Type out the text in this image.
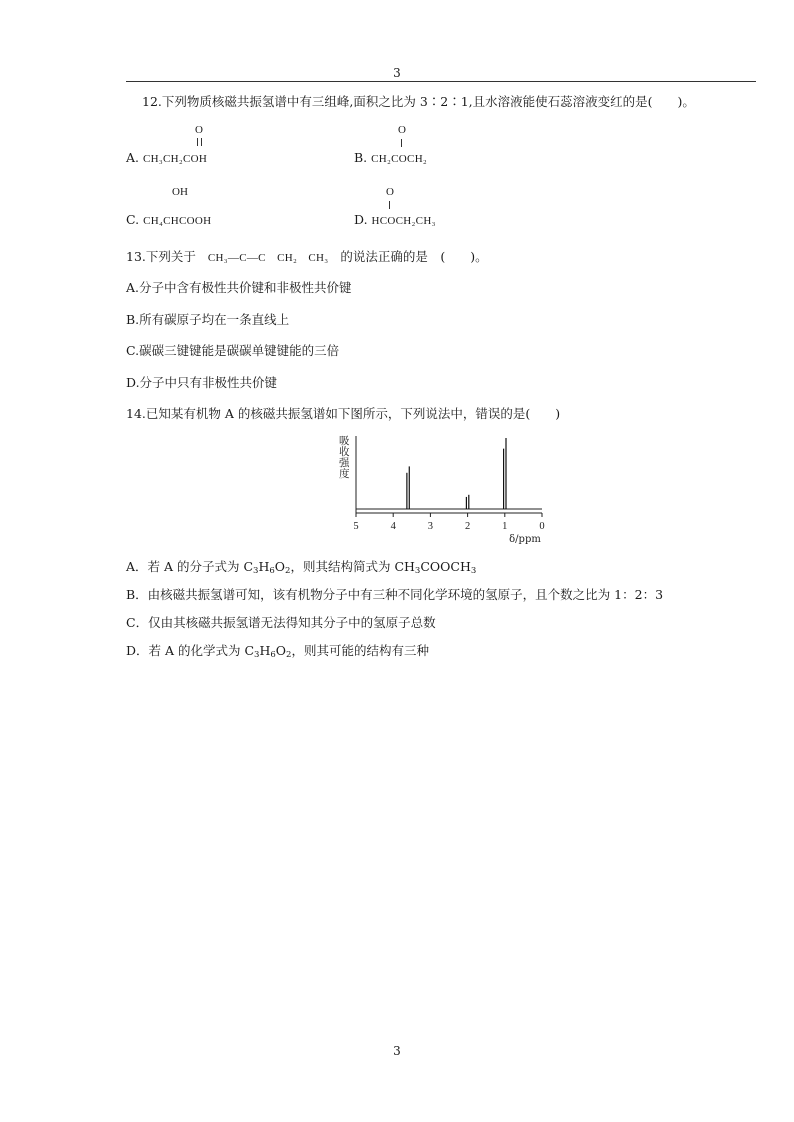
3
12.下列物质核磁共振氢谱中有三组峰,面积之比为 3∶2∶1,且水溶液能使石蕊溶液变红的是(　　)。
O
A. CH₃CH₂COH
O
B. CH₂COCH₂
OH
C. CH₄CHCOOH
O
D. HCOCH₂CH₃
13.下列关于 CH₃—C—C　CH₂　CH₃ 的说法正确的是　(　　)。
A.分子中含有极性共价键和非极性共价键
B.所有碳原子均在一条直线上
C.碳碳三键键能是碳碳单键键能的三倍
D.分子中只有非极性共价键
14.已知某有机物 A 的核磁共振氢谱如下图所示，下列说法中，错误的是(　　)
吸收强度
5	4	3	2	1	0
δ/ppm
A．若 A 的分子式为 $C_3H_6O_2$，则其结构简式为 $CH_3COOCH_3$
B．由核磁共振氢谱可知，该有机物分子中有三种不同化学环境的氢原子，且个数之比为 1：2：3
C．仅由其核磁共振氢谱无法得知其分子中的氢原子总数
D．若 A 的化学式为 $C_3H_6O_2$，则其可能的结构有三种
3
